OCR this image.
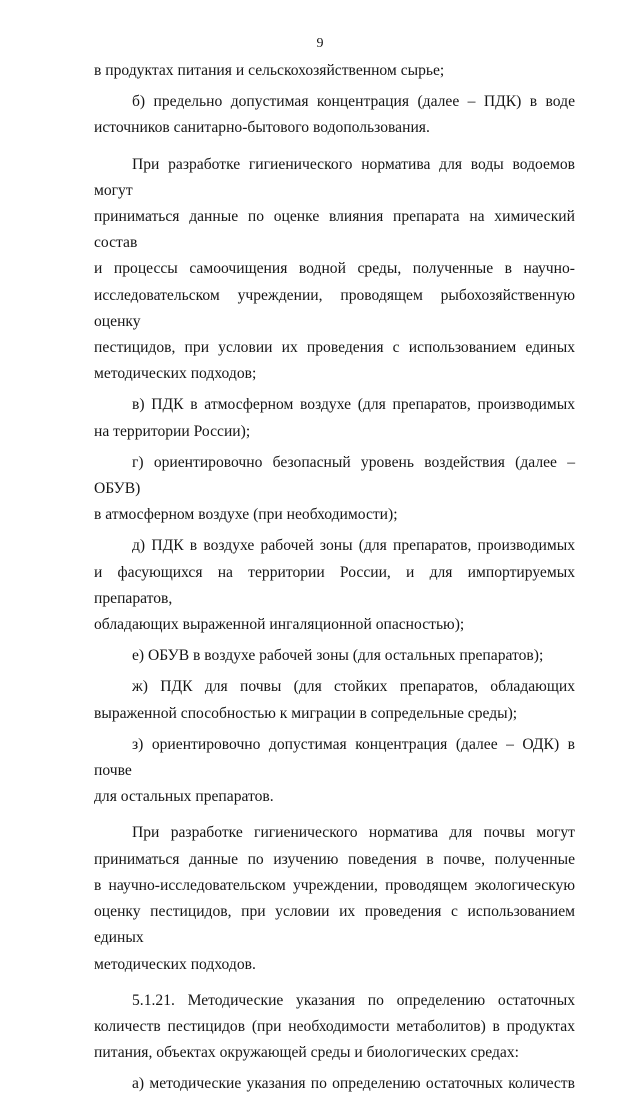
9

в продуктах питания и сельскохозяйственном сырье;

б) предельно допустимая концентрация (далее – ПДК) в воде

источников санитарно-бытового водопользования.

При разработке гигиенического норматива для воды водоемов могут

приниматься данные по оценке влияния препарата на химический состав

и процессы самоочищения водной среды, полученные в научно-

исследовательском учреждении, проводящем рыбохозяйственную оценку

пестицидов, при условии их проведения с использованием единых

методических подходов;

в) ПДК в атмосферном воздухе (для препаратов, производимых

на территории России);

г) ориентировочно безопасный уровень воздействия (далее – ОБУВ)

в атмосферном воздухе (при необходимости);

д) ПДК в воздухе рабочей зоны (для препаратов, производимых

и фасующихся на территории России, и для импортируемых препаратов,

обладающих выраженной ингаляционной опасностью);

е) ОБУВ в воздухе рабочей зоны (для остальных препаратов);

ж) ПДК для почвы (для стойких препаратов, обладающих

выраженной способностью к миграции в сопредельные среды);

з) ориентировочно допустимая концентрация (далее – ОДК) в почве

для остальных препаратов.

При разработке гигиенического норматива для почвы могут

приниматься данные по изучению поведения в почве, полученные

в научно-исследовательском учреждении, проводящем экологическую

оценку пестицидов, при условии их проведения с использованием единых

методических подходов.

5.1.21. Методические указания по определению остаточных

количеств пестицидов (при необходимости метаболитов) в продуктах

питания, объектах окружающей среды и биологических средах:

а) методические указания по определению остаточных количеств
